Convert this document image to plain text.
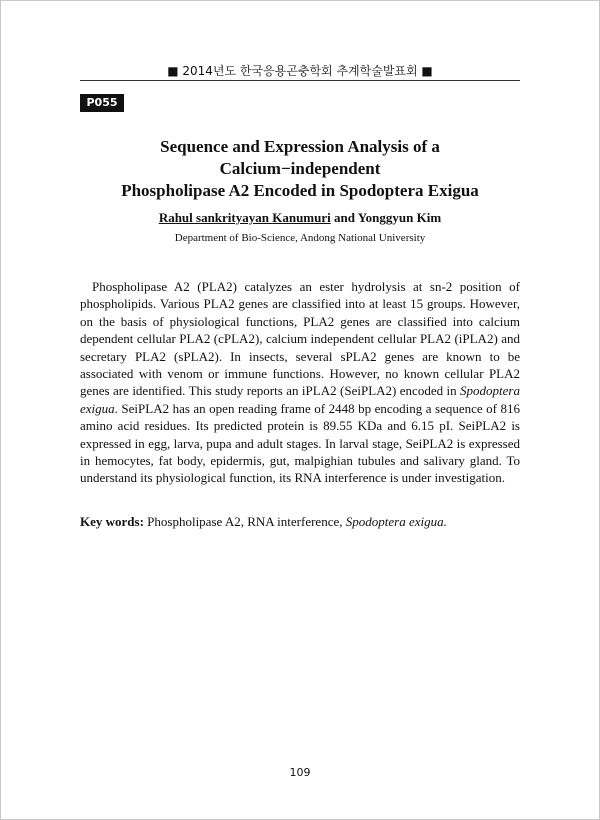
■ 2014년도 한국응용곤충학회 추계학술발표회 ■
P055
Sequence and Expression Analysis of a Calcium−independent
Phospholipase A2 Encoded in Spodoptera Exigua
Rahul sankrityayan Kanumuri and Yonggyun Kim
Department of Bio-Science, Andong National University

Phospholipase A2 (PLA2) catalyzes an ester hydrolysis at sn-2 position of phospholipids. Various PLA2 genes are classified into at least 15 groups. However, on the basis of physiological functions, PLA2 genes are classified into calcium dependent cellular PLA2 (cPLA2), calcium independent cellular PLA2 (iPLA2) and secretary PLA2 (sPLA2). In insects, several sPLA2 genes are known to be associated with venom or immune functions. However, no known cellular PLA2 genes are identified. This study reports an iPLA2 (SeiPLA2) encoded in Spodoptera exigua. SeiPLA2 has an open reading frame of 2448 bp encoding a sequence of 816 amino acid residues. Its predicted protein is 89.55 KDa and 6.15 pI. SeiPLA2 is expressed in egg, larva, pupa and adult stages. In larval stage, SeiPLA2 is expressed in hemocytes, fat body, epidermis, gut, malpighian tubules and salivary gland. To understand its physiological function, its RNA interference is under investigation.

Key words: Phospholipase A2, RNA interference, Spodoptera exigua.
109
